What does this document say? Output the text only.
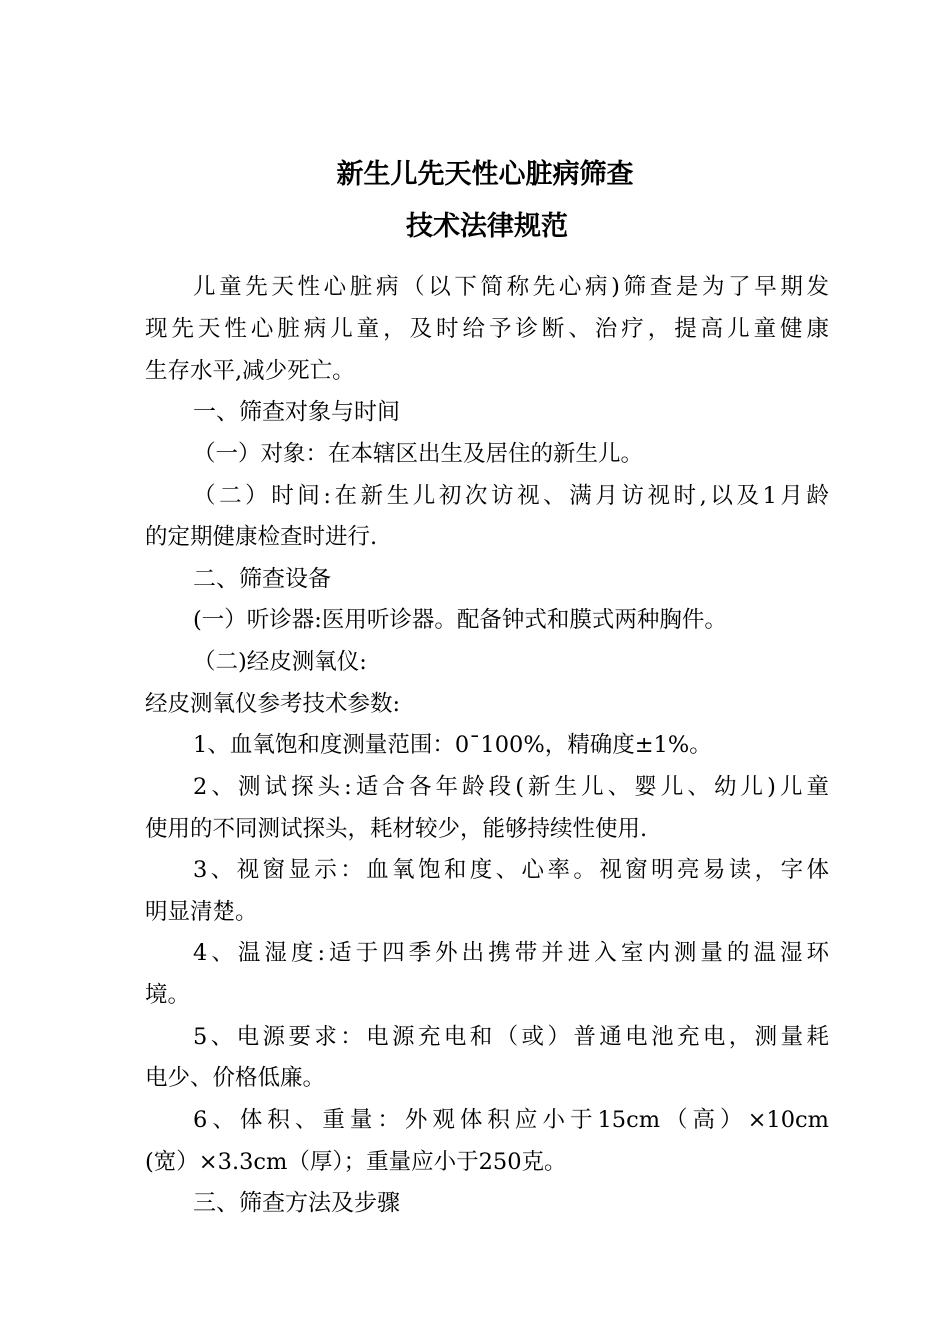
新生儿先天性心脏病筛查
技术法律规范
儿童先天性心脏病（以下简称先心病)筛查是为了早期发
现先天性心脏病儿童，及时给予诊断、治疗，提高儿童健康
生存水平,减少死亡。
一、筛查对象与时间
（一）对象：在本辖区出生及居住的新生儿。
（二）时间:在新生儿初次访视、满月访视时,以及1月龄
的定期健康检查时进行.
二、筛查设备
(一）听诊器:医用听诊器。配备钟式和膜式两种胸件。
（二)经皮测氧仪:
经皮测氧仪参考技术参数:
1、血氧饱和度测量范围：0¯100%，精确度±1%。
2、测试探头:适合各年龄段(新生儿、婴儿、幼儿)儿童
使用的不同测试探头，耗材较少，能够持续性使用.
3、视窗显示：血氧饱和度、心率。视窗明亮易读，字体
明显清楚。
4、温湿度:适于四季外出携带并进入室内测量的温湿环
境。
5、电源要求：电源充电和（或）普通电池充电，测量耗
电少、价格低廉。
6、体积、重量：外观体积应小于15cm（高）×10cm
(宽）×3.3cm（厚）；重量应小于250克。
三、筛查方法及步骤
